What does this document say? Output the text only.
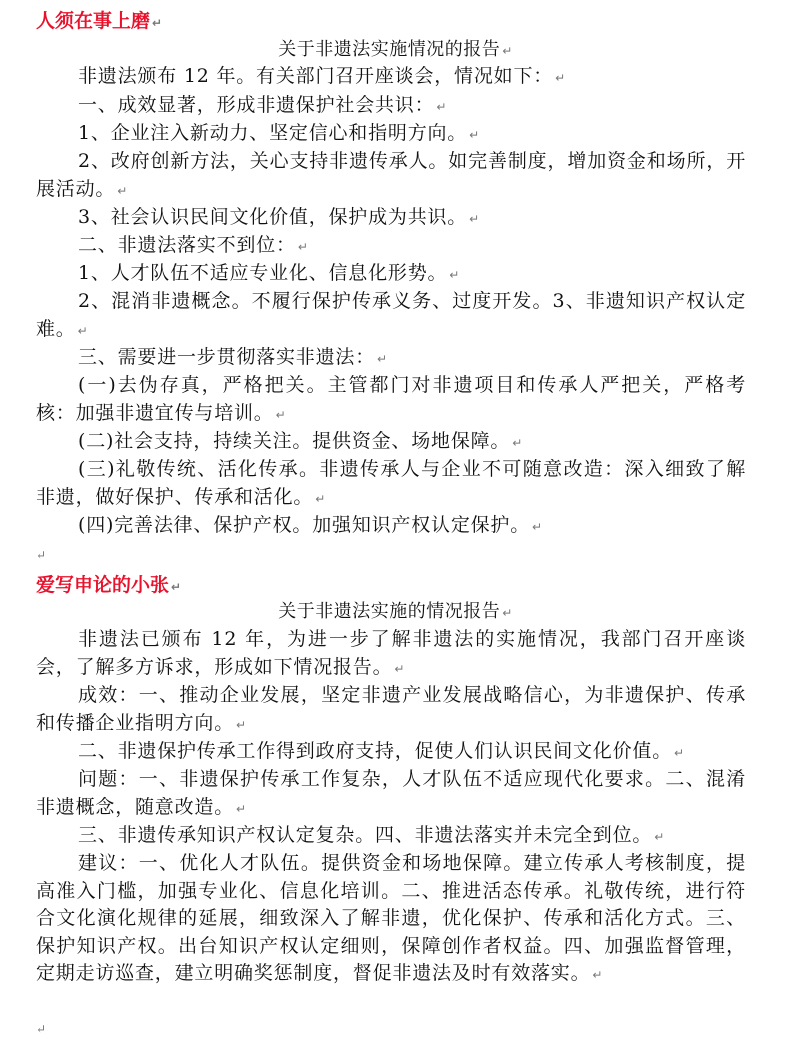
人须在事上磨 ↵
关于非遗法实施情况的报告 ↵
非遗法颁布 12 年。有关部门召开座谈会，情况如下： ↵
一、成效显著，形成非遗保护社会共识： ↵
1、企业注入新动力、坚定信心和指明方向。 ↵
2、改府创新方法，关心支持非遗传承人。如完善制度，增加资金和场所，开展活动。 ↵
3、社会认识民间文化价值，保护成为共识。 ↵
二、非遗法落实不到位： ↵
1、人才队伍不适应专业化、信息化形势。 ↵
2、混消非遗概念。不履行保护传承义务、过度开发。3、非遗知识产权认定难。 ↵
三、需要进一步贯彻落实非遗法： ↵
(一)去伪存真，严格把关。主管都门对非遗项目和传承人严把关，严格考核：加强非遗宜传与培训。 ↵
(二)社会支持，持续关注。提供资金、场地保障。 ↵
(三)礼敬传统、活化传承。非遗传承人与企业不可随意改造：深入细致了解非遗，做好保护、传承和活化。 ↵
(四)完善法律、保护产权。加强知识产权认定保护。 ↵
↵
爱写申论的小张 ↵
关于非遗法实施的情况报告 ↵
非遗法已颁布 12 年，为进一步了解非遗法的实施情况，我部门召开座谈会，了解多方诉求，形成如下情况报告。 ↵
成效：一、推动企业发展，坚定非遗产业发展战略信心，为非遗保护、传承和传播企业指明方向。 ↵
二、非遗保护传承工作得到政府支持，促使人们认识民间文化价值。 ↵
问题：一、非遗保护传承工作复杂，人才队伍不适应现代化要求。二、混淆非遗概念，随意改造。 ↵
三、非遗传承知识产权认定复杂。四、非遗法落实并未完全到位。 ↵
建议：一、优化人才队伍。提供资金和场地保障。建立传承人考核制度，提高准入门槛，加强专业化、信息化培训。二、推进活态传承。礼敬传统，进行符合文化演化规律的延展，细致深入了解非遗，优化保护、传承和活化方式。三、保护知识产权。出台知识产权认定细则，保障创作者权益。四、加强监督管理，定期走访巡查，建立明确奖惩制度，督促非遗法及时有效落实。 ↵
↵
